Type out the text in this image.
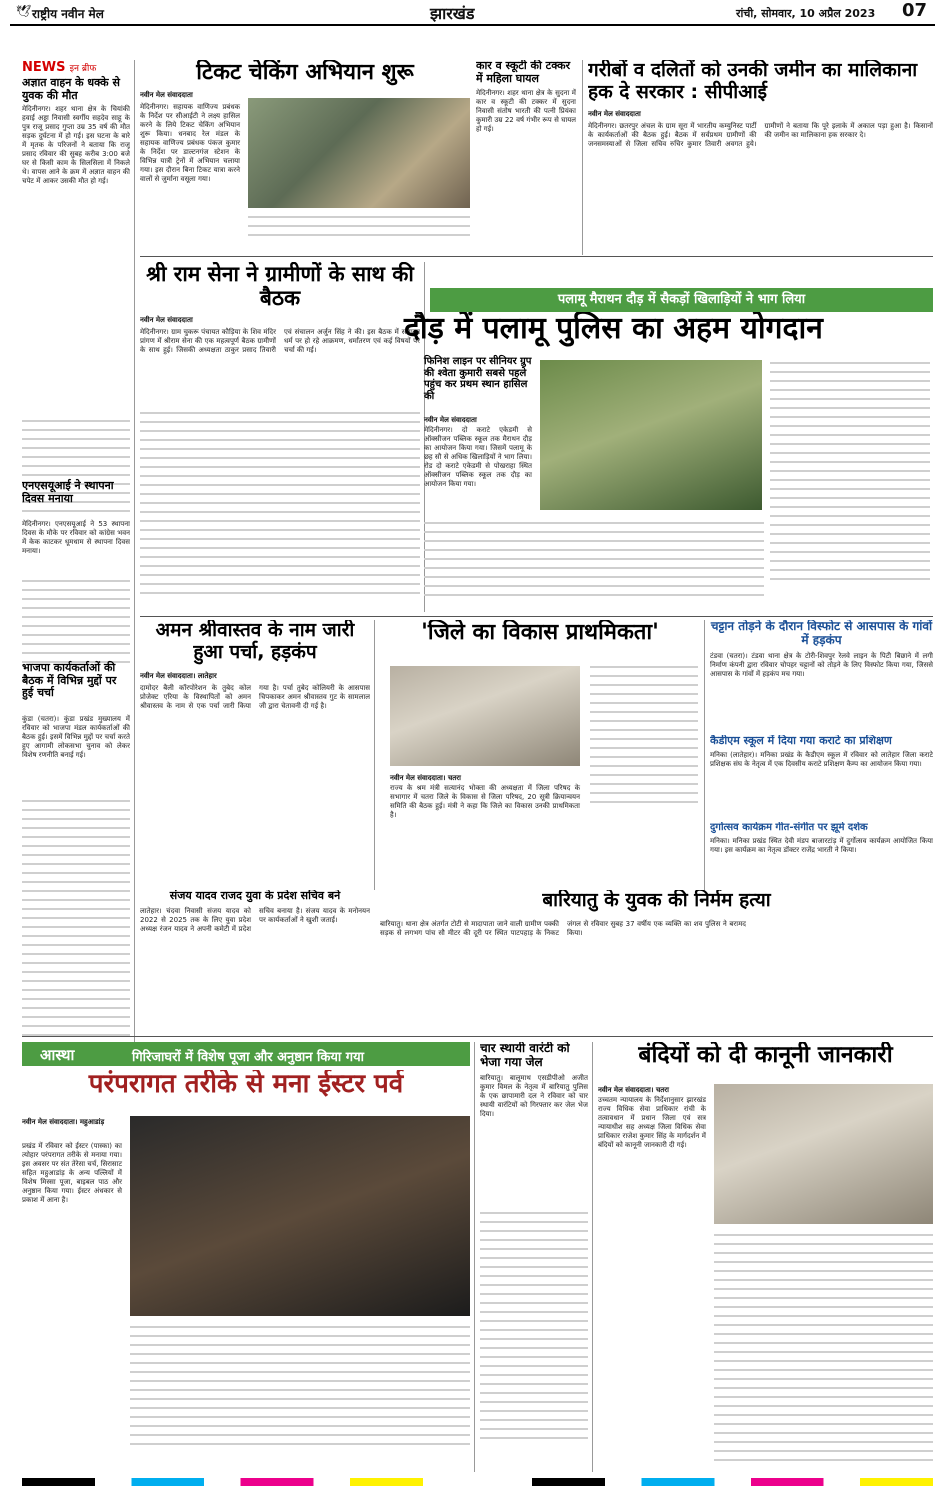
🕊 राष्ट्रीय नवीन मेल	झारखंड	रांची, सोमवार, 10 अप्रैल 2023 07
NEWS इन ब्रीफ
अज्ञात वाहन के धक्के से युवक की मौत
मेदिनीनगर। शहर थाना क्षेत्र के चियांकी हवाई अड्डा निवासी स्वर्गीय सहदेव साहू के पुत्र राजू प्रसाद गुप्ता उम्र 35 वर्ष की मौत सड़क दुर्घटना में हो गई। इस घटना के बारे में मृतक के परिजनों ने बताया कि राजू प्रसाद रविवार की सुबह करीब 3:00 बजे घर से किसी काम के सिलसिला में निकले थे। वापस आने के क्रम में अज्ञात वाहन की चपेट में आकर उसकी मौत हो गई।
एनएसयूआई ने स्थापना दिवस मनाया
मेदिनीनगर। एनएसयूआई ने 53 स्थापना दिवस के मौके पर रविवार को कांग्रेस भवन में केक काटकर धूमधाम से स्थापना दिवस मनाया।
भाजपा कार्यकर्ताओं की बैठक में विभिन्न मुद्दों पर हुई चर्चा
कुंडा (चतरा)। कुंडा प्रखंड मुख्यालय में रविवार को भाजपा मंडल कार्यकर्ताओं की बैठक हुई। इसमें विभिन्न मुद्दों पर चर्चा करते हुए आगामी लोकसभा चुनाव को लेकर विशेष रणनीति बनाई गई।
टिकट चेकिंग अभियान शुरू
नवीन मेल संवाददाता
मेदिनीनगर। सहायक वाणिज्य प्रबंधक के निर्देश पर सीआईटी ने लक्ष्य हासिल करने के लिये टिकट चेकिंग अभियान शुरू किया। धनबाद रेल मंडल के सहायक वाणिज्य प्रबंधक पंकज कुमार के निर्देश पर डाल्टनगंज स्टेशन के विभिन्न यात्री ट्रेनों में अभियान चलाया गया। इस दौरान बिना टिकट यात्रा करने वालों से जुर्माना वसूला गया।
कार व स्कूटी की टक्कर में महिला घायल
मेदिनीनगर। शहर थाना क्षेत्र के सुदना में कार व स्कूटी की टक्कर में सुदना निवासी संतोष भारती की पत्नी प्रियंका कुमारी उम्र 22 वर्ष गंभीर रूप से घायल हो गई।
गरीबों व दलितों को उनकी जमीन का मालिकाना हक दे सरकार : सीपीआई
नवीन मेल संवाददाता
मेदिनीनगर। छतरपुर अंचल के ग्राम सूरा में भारतीय कम्युनिस्ट पार्टी के कार्यकर्ताओं की बैठक हुई। बैठक में सर्वप्रथम ग्रामीणों की जनसमस्याओं से जिला सचिव रुचिर कुमार तिवारी अवगत हुये। ग्रामीणों ने बताया कि पूरे इलाके में अकाल पड़ा हुआ है। किसानों की जमीन का मालिकाना हक सरकार दे।
श्री राम सेना ने ग्रामीणों के साथ की बैठक
नवीन मेल संवाददाता
मेदिनीनगर। ग्राम चुकरू पंचायत कौड़िया के शिव मंदिर प्रांगण में श्रीराम सेना की एक महत्वपूर्ण बैठक ग्रामीणों के साथ हुई। जिसकी अध्यक्षता ठाकुर प्रसाद तिवारी एवं संचालन अर्जुन सिंह ने की। इस बैठक में सनातन धर्म पर हो रहे आक्रमण, धर्मांतरण एवं कई विषयों पर चर्चा की गई।
पलामू मैराथन दौड़ में सैकड़ों खिलाड़ियों ने भाग लिया
दौड़ में पलामू पुलिस का अहम योगदान
फिनिश लाइन पर सीनियर ग्रुप की श्वेता कुमारी सबसे पहले पहुंच कर प्रथम स्थान हासिल की
नवीन मेल संवाददाता
मेदिनीनगर। दो कराटे एकेडमी से ऑक्सीजन पब्लिक स्कूल तक मैराथन दौड़ का आयोजन किया गया। जिसमें पलामू के छह सौ से अधिक खिलाड़ियों ने भाग लिया। रोड दो कराटे एकेडमी से पोखराहा स्थित ऑक्सीजन पब्लिक स्कूल तक दौड़ का आयोजन किया गया।
अमन श्रीवास्तव के नाम जारी हुआ पर्चा, हड़कंप
नवीन मेल संवाददाता। लातेहार
दामोदर बैली कॉरपोरेशन के तुबेद कोल प्रोजेक्ट एरिया के विस्थापितों को अमन श्रीवास्तव के नाम से एक पर्चा जारी किया गया है। पर्चा तुबेद कोलियरी के आसपास चिपकाकर अमन श्रीवास्तव गुट के सामलाल जी द्वारा चेतावनी दी गई है।
'जिले का विकास प्राथमिकता'
नवीन मेल संवाददाता। चतरा
राज्य के श्रम मंत्री सत्यानंद भोक्ता की अध्यक्षता में जिला परिषद के सभागार में चतरा जिले के विकास से जिला परिषद, 20 सूत्री क्रियान्वयन समिति की बैठक हुई। मंत्री ने कहा कि जिले का विकास उनकी प्राथमिकता है।
चट्टान तोड़ने के दौरान विस्फोट से आसपास के गांवों में हड़कंप
टंडवा (चतरा)। टंडवा थाना क्षेत्र के टोरी-शिवपुर रेलवे लाइन के पिटी बिछाने में लगी निर्माण कंपनी द्वारा रविवार चोपहर चट्टानों को तोड़ने के लिए विस्फोट किया गया, जिससे आसपास के गांवों में हड़कंप मच गया।
कैडीएम स्कूल में दिया गया कराटे का प्रशिक्षण
मनिका (लातेहार)। मनिका प्रखंड के कैडीएम स्कूल में रविवार को लातेहार जिला कराटे प्रशिक्षक संघ के नेतृत्व में एक दिवसीय कराटे प्रशिक्षण कैम्प का आयोजन किया गया।
दुर्गोत्सव कार्यक्रम गीत-संगीत पर झूमे दर्शक
मनिका। मनिका प्रखंड स्थित देवी मंडप बाजारटांड़ में दुर्गोत्सव कार्यक्रम आयोजित किया गया। इस कार्यक्रम का नेतृत्व डॉक्टर राजेंद्र भारती ने किया।
संजय यादव राजद युवा के प्रदेश सचिव बने
लातेहार। चंदवा निवासी संजय यादव को 2022 से 2025 तक के लिए युवा प्रदेश अध्यक्ष रंजन यादव ने अपनी कमेटी में प्रदेश सचिव बनाया है। संजय यादव के मनोनयन पर कार्यकर्ताओं ने खुशी जताई।
बारियातु के युवक की निर्मम हत्या
बारियातु। थाना क्षेत्र अंतर्गत टोटी से मादापाता जाने वाली ग्रामीण पक्की सड़क से लगभग पांच सौ मीटर की दूरी पर स्थित पाटपहाड़ के निकट जंगल से रविवार सुबह 37 वर्षीय एक व्यक्ति का शव पुलिस ने बरामद किया।
आस्था	गिरिजाघरों में विशेष पूजा और अनुष्ठान किया गया
परंपरागत तरीके से मना ईस्टर पर्व
नवीन मेल संवाददाता। महुआडांड़
प्रखंड में रविवार को ईस्टर (पास्का) का त्योहार परंपरागत तरीके से मनाया गया। इस अवसर पर संत तेरेसा चर्च, सिरासाट सहित महुआडांड़ के अन्य पल्लियों में विशेष मिस्सा पूजा, बाइबल पाठ और अनुष्ठान किया गया। ईस्टर अंधकार से प्रकाश में आना है।
चार स्थायी वारंटी को भेजा गया जेल
बारियातु। बालूमाथ एसडीपीओ अजीत कुमार विमल के नेतृत्व में बारियातु पुलिस के एक छापामारी दल ने रविवार को चार स्थायी वारंटियों को गिरफ्तार कर जेल भेज दिया।
बंदियों को दी कानूनी जानकारी
नवीन मेल संवाददाता। चतरा
उच्चतम न्यायालय के निर्देशानुसार झारखंड राज्य विधिक सेवा प्राधिकार रांची के तत्वावधान में प्रधान जिला एवं सत्र न्यायाधीश सह अध्यक्ष जिला विधिक सेवा प्राधिकार राजेश कुमार सिंह के मार्गदर्शन में बंदियों को कानूनी जानकारी दी गई।
